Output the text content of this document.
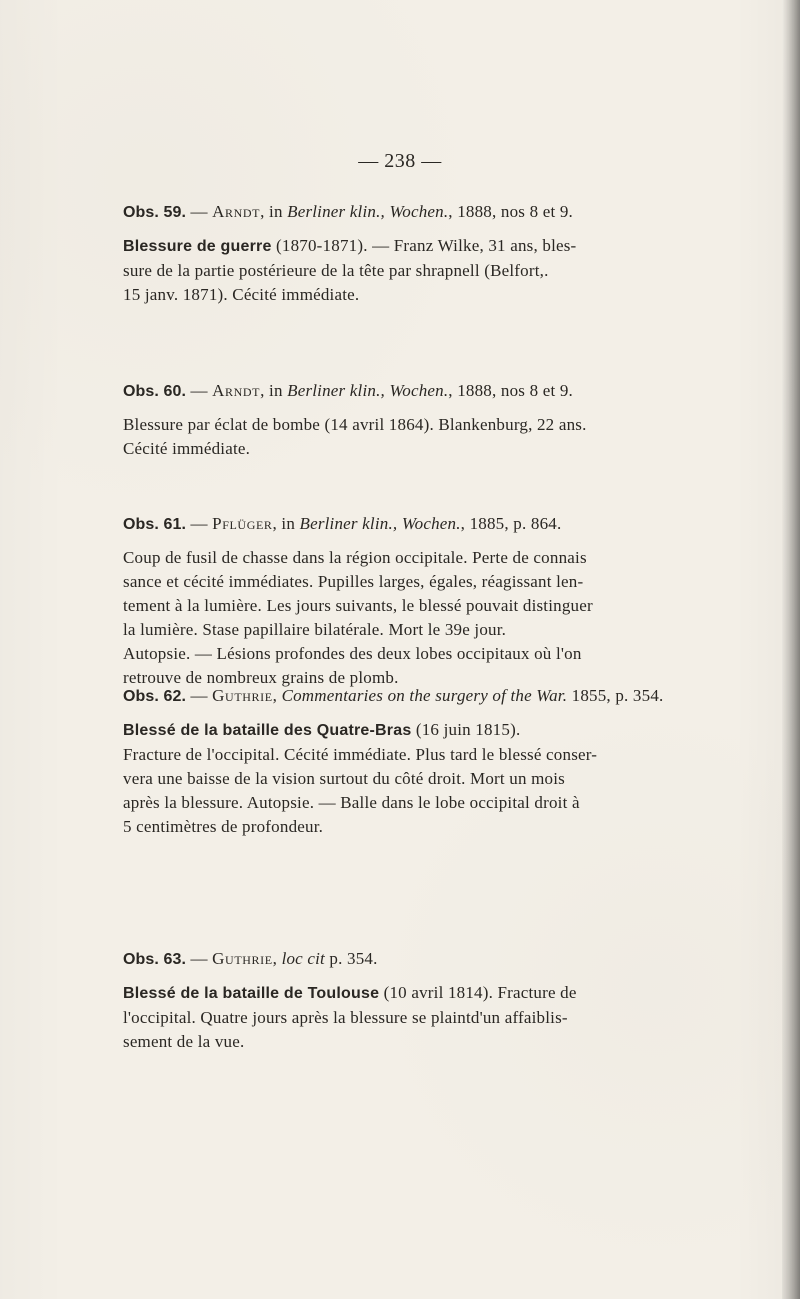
— 238 —
Obs. 59. — Arndt, in Berliner klin., Wochen., 1888, nos 8 et 9.
Blessure de guerre (1870-1871). — Franz Wilke, 31 ans, bles-
sure de la partie postérieure de la tête par shrapnell (Belfort,.
15 janv. 1871). Cécité immédiate.
Obs. 60. — Arndt, in Berliner klin., Wochen., 1888, nos 8 et 9.
Blessure par éclat de bombe (14 avril 1864). Blankenburg, 22 ans.
Cécité immédiate.
Obs. 61. — Pflüger, in Berliner klin., Wochen., 1885, p. 864.
Coup de fusil de chasse dans la région occipitale. Perte de connais
sance et cécité immédiates. Pupilles larges, égales, réagissant len-
tement à la lumière. Les jours suivants, le blessé pouvait distinguer
la lumière. Stase papillaire bilatérale. Mort le 39e jour.
Autopsie. — Lésions profondes des deux lobes occipitaux où l'on
retrouve de nombreux grains de plomb.
Obs. 62. — Guthrie, Commentaries on the surgery of the War. 1855, p. 354.
Blessé de la bataille des Quatre-Bras (16 juin 1815).
Fracture de l'occipital. Cécité immédiate. Plus tard le blessé conser-
vera une baisse de la vision surtout du côté droit. Mort un mois
après la blessure. Autopsie. — Balle dans le lobe occipital droit à
5 centimètres de profondeur.
Obs. 63. — Guthrie, loc cit p. 354.
Blessé de la bataille de Toulouse (10 avril 1814). Fracture de
l'occipital. Quatre jours après la blessure se plaintd'un affaiblis-
sement de la vue.
